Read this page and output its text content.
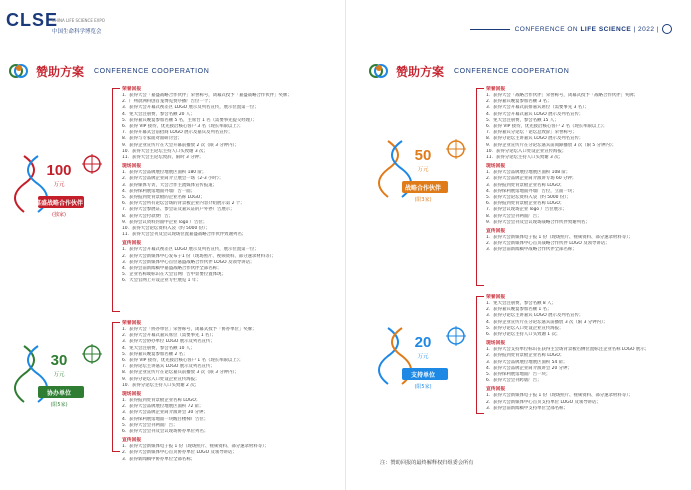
CLSE
CHINA LIFE SCIENCE EXPO
中国生命科学博览会	CONFERENCE ON LIFE SCIENCE | 2022 |
赞助方案 CONFERENCE COOPERATION	赞助方案 CONFERENCE COOPERATION
100
万元
嘉盛战略合作伙伴
(独家)
30
万元
协办单位
(限5家)
50
万元
战略合作伙伴
(限3家)
20
万元
支持单位
(限5家)
荣誉回报
1．获得大会「嘉盛战略合作伙伴」荣誉称号，闭幕式授予「嘉盛战略合作伙伴」奖牌；
2．广州晨洲科创首笼博览赞序播广告位一个；
3．获得大会开幕式视差区 LOGO 展示及列名宣传，展示位置第一位；
4．免大会注册费，参会名额 20 人；
5．获得嘉宾晚宴参加名额 5 名，主席台 1 名（需要事先提交经理）；
6．获得 VIP 接待，优先接洽核心客户 3 名（现长率限以上）；
7．获得开幕式会前招商 LOGO 展示及嘉宾及列名宣传；
8．获得与专家面对面研讨会；
9．获得企业宣传片在大会开幕前播放 2 次（限 3 分钟内）；
10．获得大会主论坛主持人口头致谢 3 次；
11．获得大会主论坛致辞，限时 3 分钟；
现场回报
1．获得大会品牌展位地展区面积 180 ㎡；
2．获得大会品牌企业简介立展会一场（2-3 小时）；
3．获得媒体专访，大会合作主流媒体宣传报道；
4．获得保利展馆地面外墙广告一面；
5．获得报到处背景板的企业名称 LOGO；
6．获得大会所有论坛会场的背景板企业内容介绍展示第 2 个；
7．获得大会参展证、参会证及嘉宾证的户外停广告展示；
8．获得大会付款费广告；
9．获得会议资料封面中企业 logo 广告位；
10．获得大会论坛资料入袋（约 5000 份）；
11．获得大会会刊及会议现场位置嘉盛战略合作伙伴致谢列名；
宣传回报
1．获得大会开幕式视差区 LOGO 展示及列名宣传，展示位置第一位；
2．获得大会新媒体中心发布子1 份（现场照片、视频资料、部分速录材料等）；
3．获得大会新媒体中心首位嘉盛战略合作伙伴 LOGO 及领导讲话；
4．获得会前新闻稿中嘉盛战略合作伙伴全部名称；
5．企业名称或标识在大会官网广告中显要位置体现；
6．大会官网上开设企业专栏展览 1 年；
荣誉回报
1．获得大会「协办单位」荣誉称号，闭幕式授予「协办单位」奖牌；
2．获得大会开幕式嘉宾席位（需要事先 1 名）；
3．获得大会协办单位 LOGO 展示及列名宣传；
4．免大会注册费，参会名额 10 人；
5．获得嘉宾晚宴参加名额 2 名；
6．获得 VIP 接待，优先接洽核心客户 1 名（现长率限以上）；
7．获得论坛主讲嘉宾 LOGO 展示及列名宣传；
8．获得企业宣传片在论坛嘉宾前播放 3 次（限 3 分钟内）；
9．获得分论坛入口处设企业宣传海报；
10．获得分论坛主持人口头致谢 2 次；
现场回报
1．获得报到处背景板企业名称 LOGO；
2．获得大会品牌展位地展区面积 72 ㎡；
3．获得大会品牌企业简介演讲会 30 分钟；
4．获得保利展馆地面一块醒目楼梯广告位；
5．获得大会会刊两面广告；
6．获得大会会刊及会议现场协办单位列名；
宣传回报
1．获得大会新媒体电子报 1 份（现场照片、视频资料、部分速录材料等）；
2．获得大会新媒体中心首页协办单位 LOGO 及领导讲话；
3．获得新闻稿中协办单位全部名称；
荣誉回报
1．获得大会「战略合作伙伴」荣誉称号，闭幕式授予「战略合作伙伴」奖牌；
2．获得嘉宾晚宴参加名额 3 名；
3．获得大会开幕式前排嘉宾席位（需要事先 3 名）；
4．获得大会开幕式嘉宾 LOGO 展示及列名宣传；
5．免大会注册费，参会名额 15 人；
6．获得 VIP 接待，优先接洽核心客户 2 名（现长率限以上）；
7．获得嘉宾分论坛「论坛总致辞」荣誉称号；
8．获得分论坛主讲嘉宾 LOGO 展示及列名宣传；
9．获得企业宣传片在分论坛嘉宾前间隙播放 3 次（限 5 分钟内）；
10．获得分论坛入口处设企业宣传海报；
11．获得分论坛主持人口头致谢 3 次；
现场回报
1．获得大会品牌展位地展区面积 108 ㎡；
2．获得大会品牌企业简介演讲专场 60 分钟；
3．获得报到处背景板企业名称 LOGO；
4．获得保利展馆地面外墙广告位，立面一块；
5．获得大会论坛资料入袋（约 5000 份）；
6．获得报到处背景板企业名称 LOGO；
7．获得会议现场企业 logo 广告位展示；
8．获得大会会刊两面广告；
9．获得大会会刊及会议现场战略合作伙伴致谢列名；
宣传回报
1．获得大会新媒体电子报 1 份（现场照片、视频资料、部分速录材料等）；
2．获得大会新媒体中心首页战略合作伙伴 LOGO 及领导讲话；
3．获得会前新闻稿中战略合作伙伴全部名称；
荣誉回报
1．免大会注册费，参会名额 8 人；
2．获得嘉宾晚宴参加名额 1 名；
3．获得分论坛主讲嘉宾 LOGO 展示及列名宣传；
4．获得企业宣传片在分论坛嘉宾前播放 3 次（限 3 分钟内）；
5．获得分论坛入口处设企业宣传海报；
6．获得分论坛主持人口头致谢 1 次；
现场回报
1．获得大会支持单位标识在获得主会场背景板右侧位置标注企业名称 LOGO 展示；
2．获得报到处背景板企业名称 LOGO；
3．获得大会品牌展位地展区面积 54 ㎡；
4．获得大会品牌企业简介演讲会 20 分钟；
5．获得保利展馆地面广告一块；
6．获得大会会刊跨版广告；
宣传回报
1．获得大会新媒体电子报 1 份（现场照片、视频资料、部分速录材料等）；
2．获得大会新媒体中心首页支持单位 LOGO 及领导讲话；
3．获得会前新闻稿中支持单位全部名称；
注：赞助回报的最终解释权归组委会所有
